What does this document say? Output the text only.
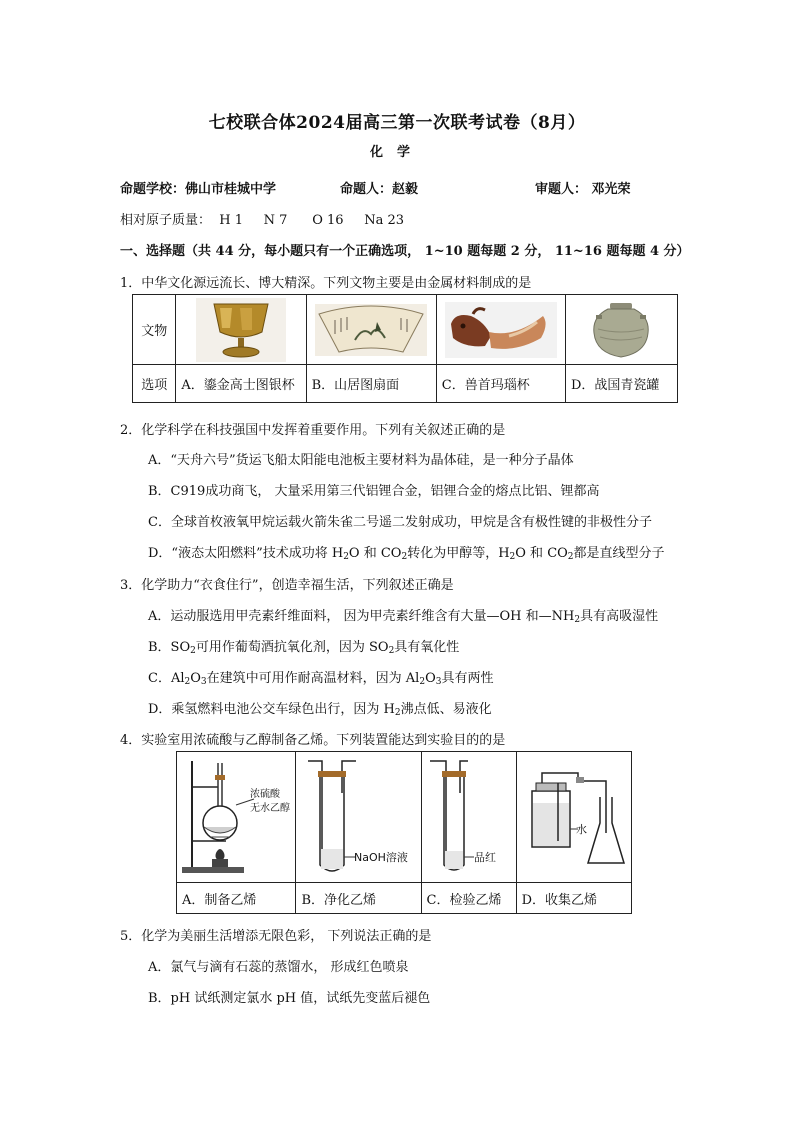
七校联合体2024届高三第一次联考试卷（8月）
化学
命题学校：佛山市桂城中学	命题人：赵毅	审题人： 邓光荣
相对原子质量：  H 1     N 7      O 16     Na 23
一、选择题（共 44 分，每小题只有一个正确选项， 1~10 题每题 2 分， 11~16 题每题 4 分）
1．中华文化源远流长、博大精深。下列文物主要是由金属材料制成的是
文物	

选项	A．鎏金高士图银杯	B．山居图扇面	C．兽首玛瑙杯	D．战国青瓷罐
2．化学科学在科技强国中发挥着重要作用。下列有关叙述正确的是
A．“天舟六号”货运飞船太阳能电池板主要材料为晶体硅，是一种分子晶体
B．C919成功商飞， 大量采用第三代铝锂合金，铝锂合金的熔点比铝、锂都高
C．全球首枚液氧甲烷运载火箭朱雀二号遥二发射成功，甲烷是含有极性键的非极性分子
D．“液态太阳燃料”技术成功将 $H_2O$ 和 $CO_2$转化为甲醇等，$H_2O$ 和 $CO_2$都是直线型分子
3．化学助力“衣食住行”，创造幸福生活，下列叙述正确是
A．运动服选用甲壳素纤维面料， 因为甲壳素纤维含有大量—OH 和$—NH_2$具有高吸湿性
B．$SO_2$可用作葡萄酒抗氧化剂，因为 $SO_2$具有氧化性
C．$Al_2O_3$在建筑中可用作耐高温材料，因为 $Al_2O_3$具有两性
D．乘氢燃料电池公交车绿色出行，因为 $H_2$沸点低、易液化
4．实验室用浓硫酸与乙醇制备乙烯。下列装置能达到实验目的的是
浓硫酸
无水乙醇	NaOH溶液	品红	水

A．制备乙烯	B．净化乙烯	C．检验乙烯	D．收集乙烯
5．化学为美丽生活增添无限色彩， 下列说法正确的是
A．氯气与滴有石蕊的蒸馏水， 形成红色喷泉
B．pH 试纸测定氯水 pH 值，试纸先变蓝后褪色
